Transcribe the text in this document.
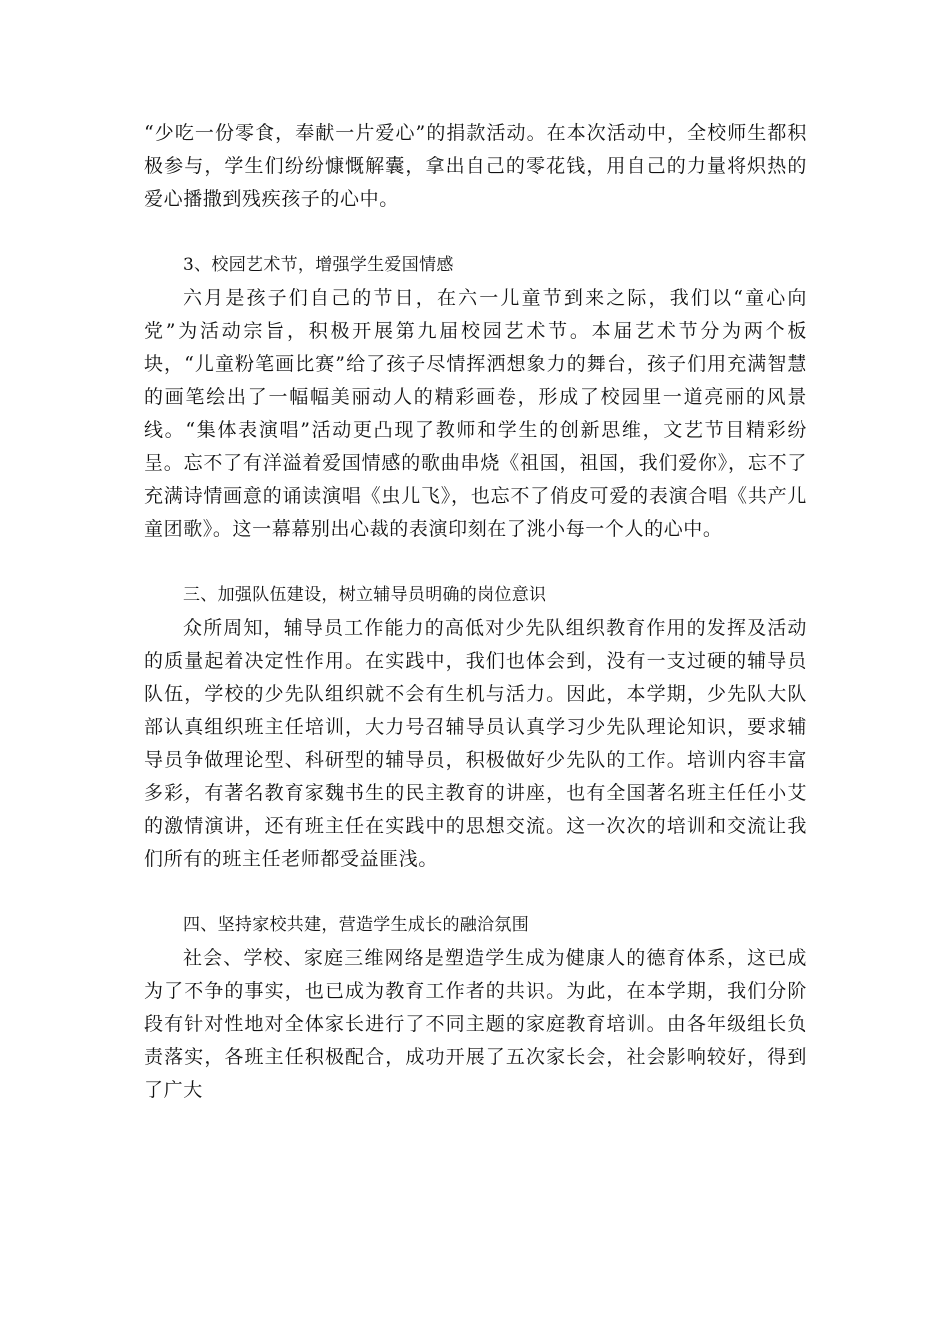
“少吃一份零食，奉献一片爱心”的捐款活动。在本次活动中，全校师生都积极参与，学生们纷纷慷慨解囊，拿出自己的零花钱，用自己的力量将炽热的爱心播撒到残疾孩子的心中。

3、校园艺术节，增强学生爱国情感

六月是孩子们自己的节日，在六一儿童节到来之际，我们以“童心向党”为活动宗旨，积极开展第九届校园艺术节。本届艺术节分为两个板块，“儿童粉笔画比赛”给了孩子尽情挥洒想象力的舞台，孩子们用充满智慧的画笔绘出了一幅幅美丽动人的精彩画卷，形成了校园里一道亮丽的风景线。“集体表演唱”活动更凸现了教师和学生的创新思维，文艺节目精彩纷呈。忘不了有洋溢着爱国情感的歌曲串烧《祖国，祖国，我们爱你》，忘不了充满诗情画意的诵读演唱《虫儿飞》，也忘不了俏皮可爱的表演合唱《共产儿童团歌》。这一幕幕别出心裁的表演印刻在了洮小每一个人的心中。

三、加强队伍建设，树立辅导员明确的岗位意识

众所周知，辅导员工作能力的高低对少先队组织教育作用的发挥及活动的质量起着决定性作用。在实践中，我们也体会到，没有一支过硬的辅导员队伍，学校的少先队组织就不会有生机与活力。因此，本学期，少先队大队部认真组织班主任培训，大力号召辅导员认真学习少先队理论知识，要求辅导员争做理论型、科研型的辅导员，积极做好少先队的工作。培训内容丰富多彩，有著名教育家魏书生的民主教育的讲座，也有全国著名班主任任小艾的激情演讲，还有班主任在实践中的思想交流。这一次次的培训和交流让我们所有的班主任老师都受益匪浅。

四、坚持家校共建，营造学生成长的融洽氛围

社会、学校、家庭三维网络是塑造学生成为健康人的德育体系，这已成为了不争的事实，也已成为教育工作者的共识。为此，在本学期，我们分阶段有针对性地对全体家长进行了不同主题的家庭教育培训。由各年级组长负责落实，各班主任积极配合，成功开展了五次家长会，社会影响较好，得到了广大
